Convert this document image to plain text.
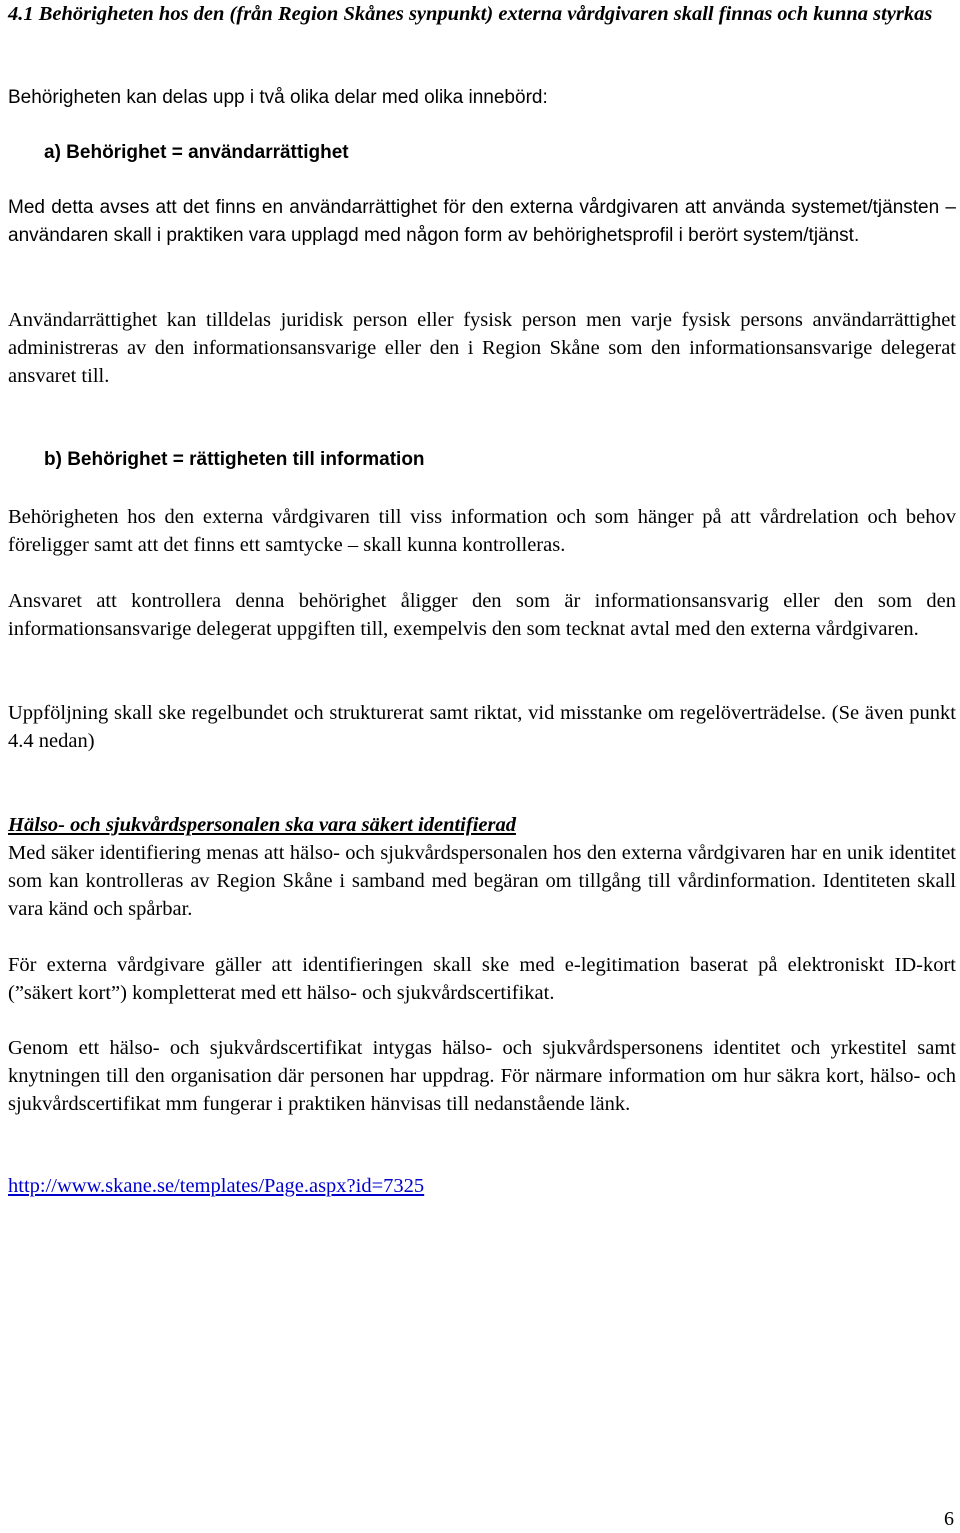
4.1 Behörigheten hos den (från Region Skånes synpunkt) externa vårdgivaren skall finnas och kunna styrkas

Behörigheten kan delas upp i två olika delar med olika innebörd:

a) Behörighet = användarrättighet

Med detta avses att det finns en användarrättighet för den externa vårdgivaren att använda systemet/tjänsten – användaren skall i praktiken vara upplagd med någon form av behörighetsprofil i berört system/tjänst.

Användarrättighet kan tilldelas juridisk person eller fysisk person men varje fysisk persons användarrättighet administreras av den informationsansvarige eller den i Region Skåne som den informationsansvarige delegerat ansvaret till.

b) Behörighet = rättigheten till information

Behörigheten hos den externa vårdgivaren till viss information och som hänger på att vårdrelation och behov föreligger samt att det finns ett samtycke – skall kunna kontrolleras.

Ansvaret att kontrollera denna behörighet åligger den som är informationsansvarig eller den som den informationsansvarige delegerat uppgiften till, exempelvis den som tecknat avtal med den externa vårdgivaren.

Uppföljning skall ske regelbundet och strukturerat samt riktat, vid misstanke om regelöverträdelse. (Se även punkt 4.4 nedan)

Hälso- och sjukvårdspersonalen ska vara säkert identifierad

Med säker identifiering menas att hälso- och sjukvårdspersonalen hos den externa vårdgivaren har en unik identitet som kan kontrolleras av Region Skåne i samband med begäran om tillgång till vårdinformation. Identiteten skall vara känd och spårbar.

För externa vårdgivare gäller att identifieringen skall ske med e-legitimation baserat på elektroniskt ID-kort (”säkert kort”) kompletterat med ett hälso- och sjukvårdscertifikat.

Genom ett hälso- och sjukvårdscertifikat intygas hälso- och sjukvårdspersonens identitet och yrkestitel samt knytningen till den organisation där personen har uppdrag. För närmare information om hur säkra kort, hälso- och sjukvårdscertifikat mm fungerar i praktiken hänvisas till nedanstående länk.

http://www.skane.se/templates/Page.aspx?id=7325
6
